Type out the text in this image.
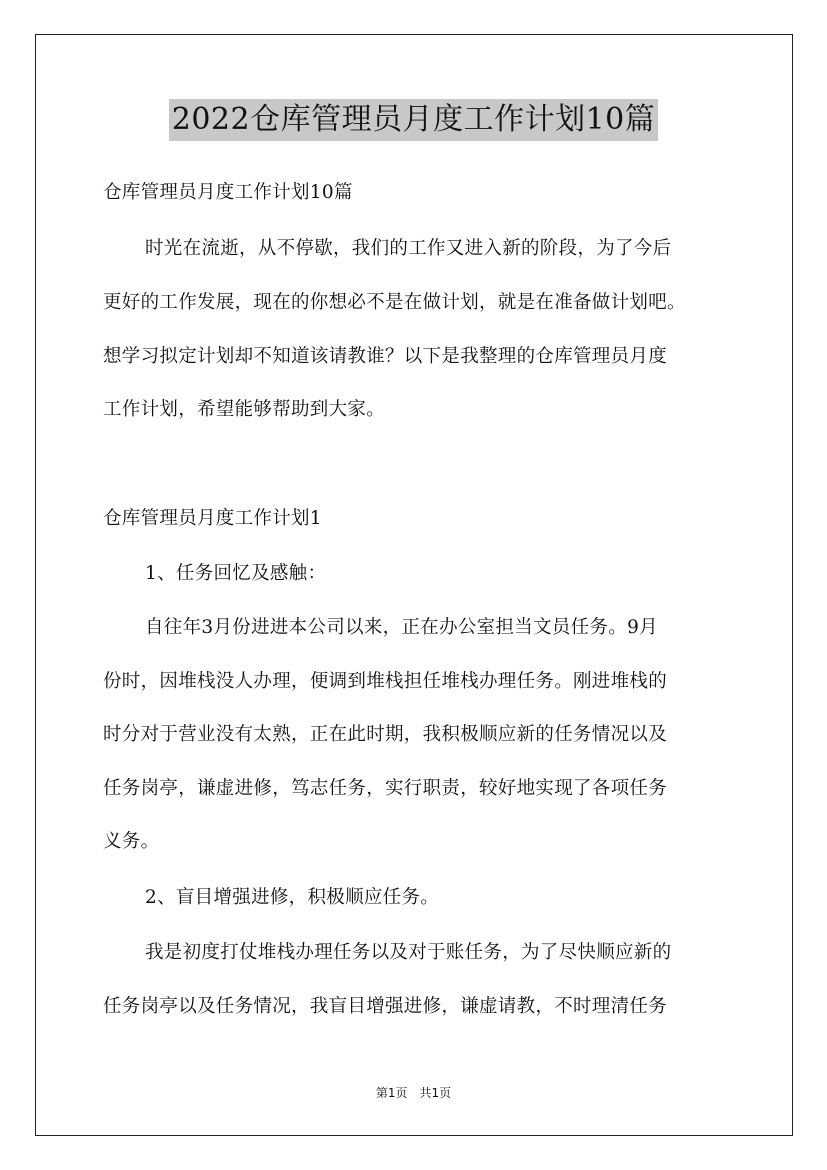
2022仓库管理员月度工作计划10篇
仓库管理员月度工作计划10篇
时光在流逝，从不停歇，我们的工作又进入新的阶段，为了今后
更好的工作发展，现在的你想必不是在做计划，就是在准备做计划吧。
想学习拟定计划却不知道该请教谁？以下是我整理的仓库管理员月度
工作计划，希望能够帮助到大家。
仓库管理员月度工作计划1
1、任务回忆及感触：
自往年3月份进进本公司以来，正在办公室担当文员任务。9月
份时，因堆栈没人办理，便调到堆栈担任堆栈办理任务。刚进堆栈的
时分对于营业没有太熟，正在此时期，我积极顺应新的任务情况以及
任务岗亭，谦虚进修，笃志任务，实行职责，较好地实现了各项任务
义务。
2、盲目增强进修，积极顺应任务。
我是初度打仗堆栈办理任务以及对于账任务，为了尽快顺应新的
任务岗亭以及任务情况，我盲目增强进修，谦虚请教，不时理清任务
第1页　共1页
